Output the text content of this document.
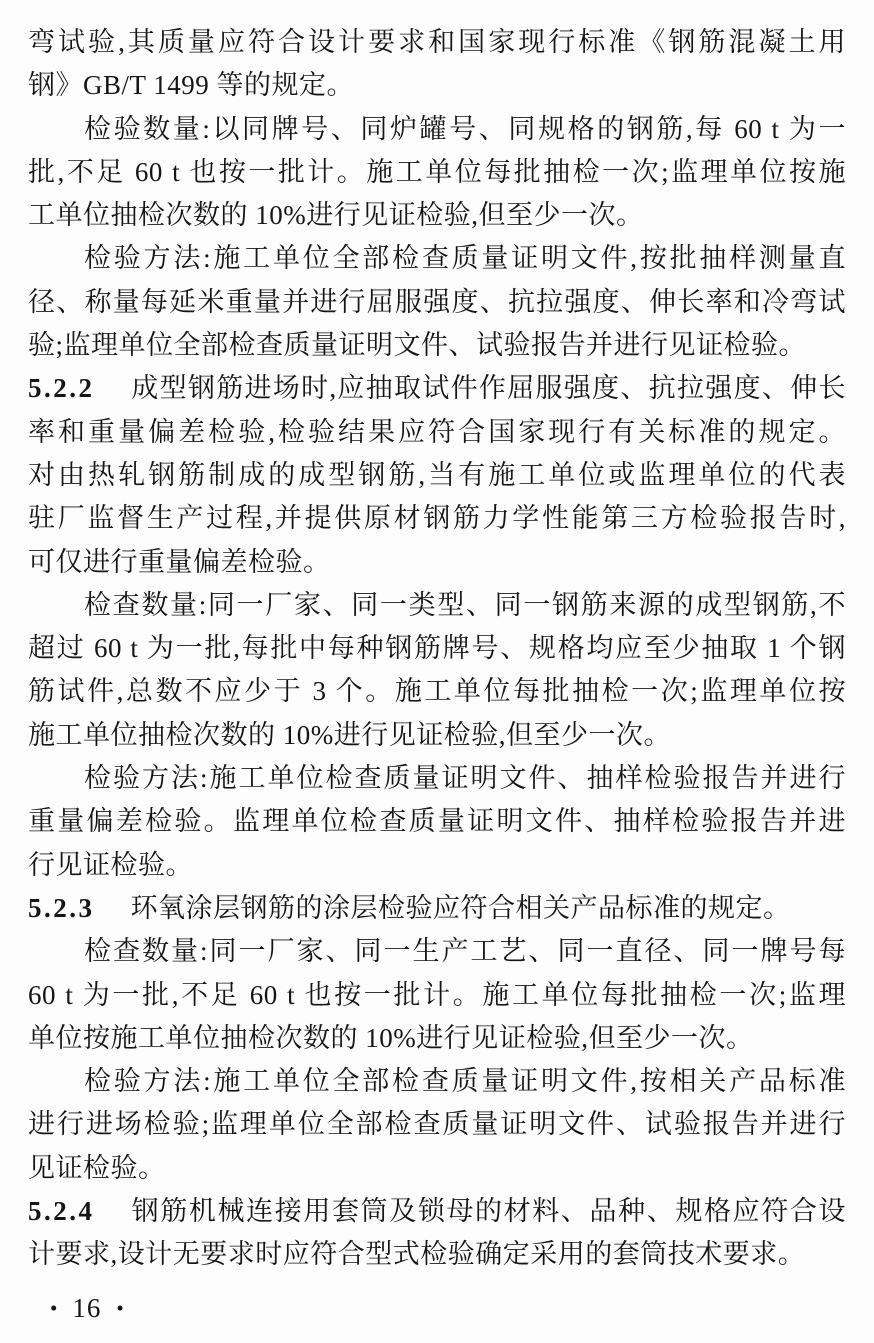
弯试验,其质量应符合设计要求和国家现行标准《钢筋混凝土用
钢》GB/T 1499 等的规定。
检验数量:以同牌号、同炉罐号、同规格的钢筋,每 60 t 为一
批,不足 60 t 也按一批计。施工单位每批抽检一次;监理单位按施
工单位抽检次数的 10%进行见证检验,但至少一次。
检验方法:施工单位全部检查质量证明文件,按批抽样测量直
径、称量每延米重量并进行屈服强度、抗拉强度、伸长率和冷弯试
验;监理单位全部检查质量证明文件、试验报告并进行见证检验。
5.2.2 成型钢筋进场时,应抽取试件作屈服强度、抗拉强度、伸长
率和重量偏差检验,检验结果应符合国家现行有关标准的规定。
对由热轧钢筋制成的成型钢筋,当有施工单位或监理单位的代表
驻厂监督生产过程,并提供原材钢筋力学性能第三方检验报告时,
可仅进行重量偏差检验。
检查数量:同一厂家、同一类型、同一钢筋来源的成型钢筋,不
超过 60 t 为一批,每批中每种钢筋牌号、规格均应至少抽取 1 个钢
筋试件,总数不应少于 3 个。施工单位每批抽检一次;监理单位按
施工单位抽检次数的 10%进行见证检验,但至少一次。
检验方法:施工单位检查质量证明文件、抽样检验报告并进行
重量偏差检验。监理单位检查质量证明文件、抽样检验报告并进
行见证检验。
5.2.3 环氧涂层钢筋的涂层检验应符合相关产品标准的规定。
检查数量:同一厂家、同一生产工艺、同一直径、同一牌号每
60 t 为一批,不足 60 t 也按一批计。施工单位每批抽检一次;监理
单位按施工单位抽检次数的 10%进行见证检验,但至少一次。
检验方法:施工单位全部检查质量证明文件,按相关产品标准
进行进场检验;监理单位全部检查质量证明文件、试验报告并进行
见证检验。
5.2.4 钢筋机械连接用套筒及锁母的材料、品种、规格应符合设
计要求,设计无要求时应符合型式检验确定采用的套筒技术要求。
• 16 •
